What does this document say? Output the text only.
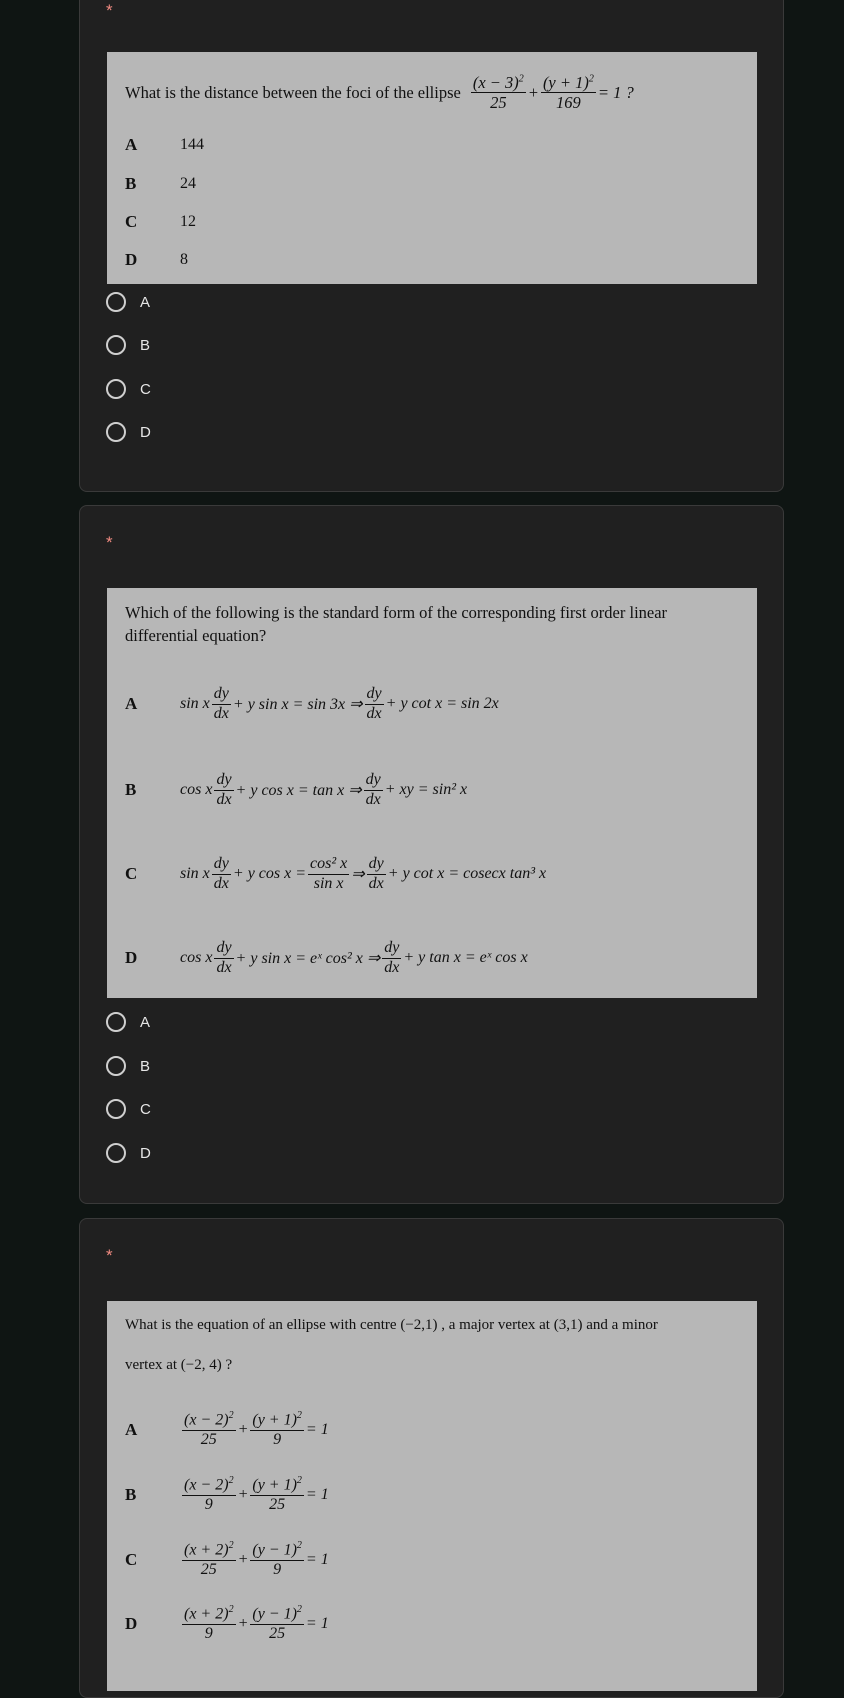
*
What is the distance between the foci of the ellipse $\frac{(x - 3)^2}{25} + \frac{(y + 1)^2}{169} = 1$ ?
A	144
B	24
C	12
D	8
A
B
C
D
*
Which of the following is the standard form of the corresponding first order linear
differential equation?
A	sin x $\frac{dy}{dx} + y$ sin x = sin 3x ⇒ $\frac{dy}{dx} + y$ cot x = sin 2x
B	cos x $\frac{dy}{dx} + y$ cos x = tan x ⇒ $\frac{dy}{dx}$ + xy = sin² x
C	sin x $\frac{dy}{dx} + y$ $\cos x = \frac{\text{cos² x}}{\text{sin x}}$ ⇒ $\frac{dy}{dx} + y$ cot x = cosecx tan³ x
D	cos x $\frac{dy}{dx} + y$ sin x = eˣ cos² x ⇒ $\frac{dy}{dx} + y$ tan x = eˣ cos x
A
B
C
D
*
What is the equation of an ellipse with centre (−2,1) , a major vertex at (3,1) and a minor
vertex at (−2, 4) ?
A	$\frac{(x - 2)^2}{25} + \frac{(y + 1)^2}{9} = 1$
B	$\frac{(x - 2)^2}{9} + \frac{(y + 1)^2}{25} = 1$
C	$\frac{(x + 2)^2}{25} + \frac{(y - 1)^2}{9} = 1$
D	$\frac{(x + 2)^2}{9} + \frac{(y - 1)^2}{25} = 1$
